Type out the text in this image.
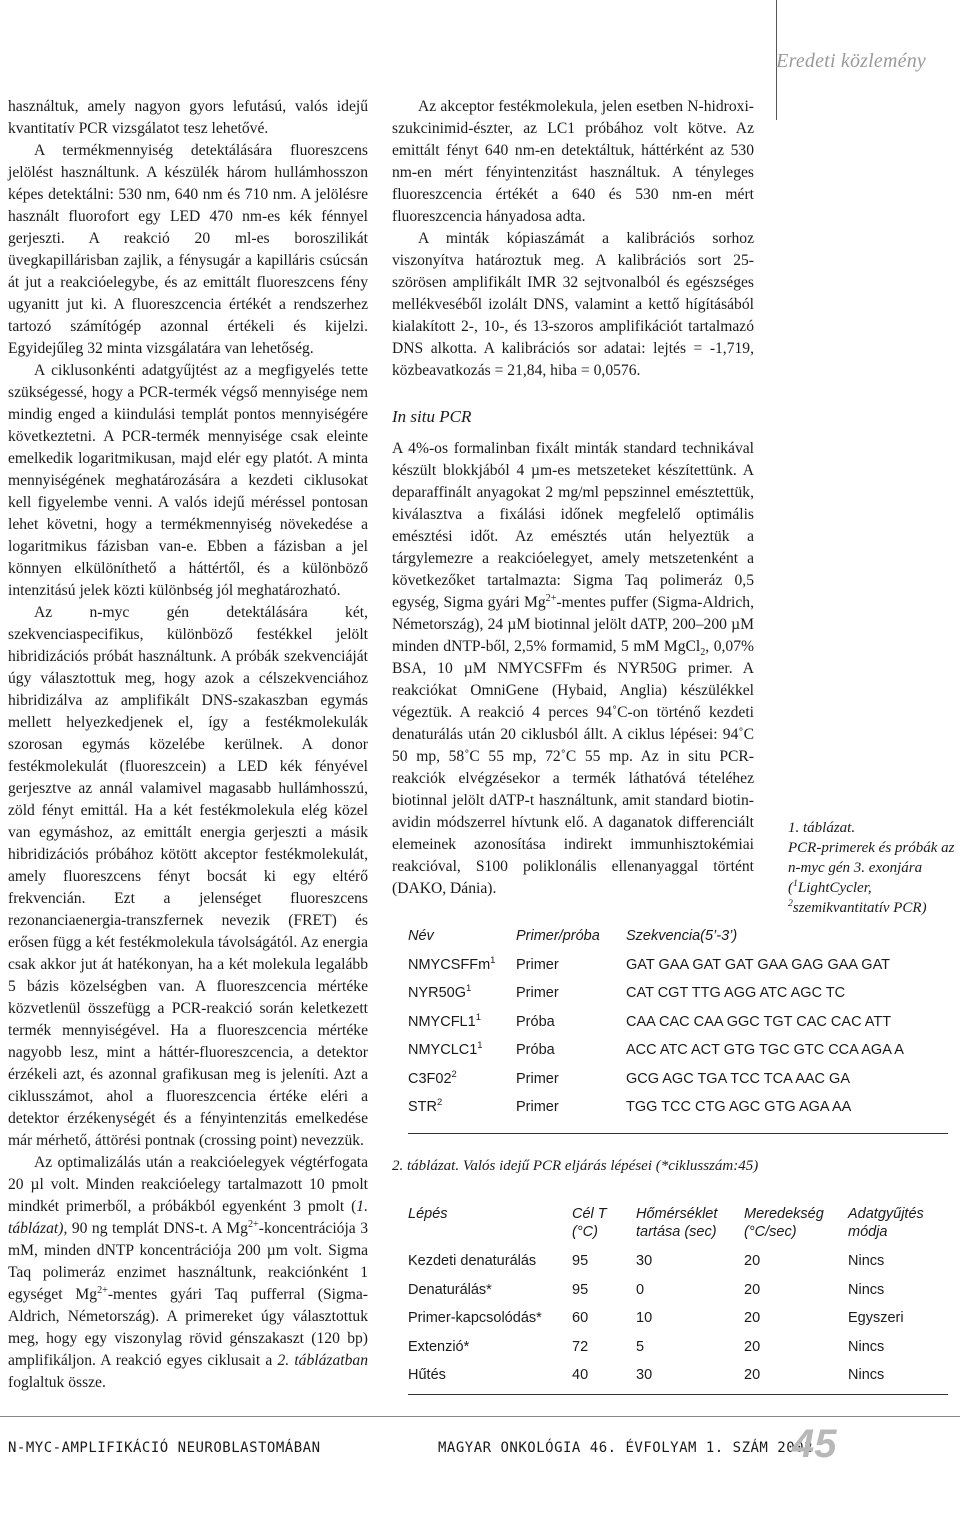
Eredeti közlemény

használtuk, amely nagyon gyors lefutású, valós idejű kvantitatív PCR vizsgálatot tesz lehetővé.

A termékmennyiség detektálására fluoreszcens jelölést használtunk. A készülék három hullámhosszon képes detektálni: 530 nm, 640 nm és 710 nm. A jelölésre használt fluorofort egy LED 470 nm-es kék fénnyel gerjeszti. A reakció 20 ml-es boroszilikát üvegkapillárisban zajlik, a fénysugár a kapilláris csúcsán át jut a reakcióelegybe, és az emittált fluoreszcens fény ugyanitt jut ki. A fluoreszcencia értékét a rendszerhez tartozó számítógép azonnal értékeli és kijelzi. Egyidejűleg 32 minta vizsgálatára van lehetőség.

A ciklusonkénti adatgyűjtést az a megfigyelés tette szükségessé, hogy a PCR-termék végső mennyisége nem mindig enged a kiindulási templát pontos mennyiségére következtetni. A PCR-termék mennyisége csak eleinte emelkedik logaritmikusan, majd elér egy platót. A minta mennyiségének meghatározására a kezdeti ciklusokat kell figyelembe venni. A valós idejű méréssel pontosan lehet követni, hogy a termékmennyiség növekedése a logaritmikus fázisban van-e. Ebben a fázisban a jel könnyen elkülöníthető a háttértől, és a különböző intenzitású jelek közti különbség jól meghatározható.

Az n-myc gén detektálására két, szekvenciaspecifikus, különböző festékkel jelölt hibridizációs próbát használtunk. A próbák szekvenciáját úgy választottuk meg, hogy azok a célszekvenciához hibridizálva az amplifikált DNS-szakaszban egymás mellett helyezkedjenek el, így a festékmolekulák szorosan egymás közelébe kerülnek. A donor festékmolekulát (fluoreszcein) a LED kék fényével gerjesztve az annál valamivel magasabb hullámhosszú, zöld fényt emittál. Ha a két festékmolekula elég közel van egymáshoz, az emittált energia gerjeszti a másik hibridizációs próbához kötött akceptor festékmolekulát, amely fluoreszcens fényt bocsát ki egy eltérő frekvencián. Ezt a jelenséget fluoreszcens rezonanciaenergia-transzfernek nevezik (FRET) és erősen függ a két festékmolekula távolságától. Az energia csak akkor jut át hatékonyan, ha a két molekula legalább 5 bázis közelségben van. A fluoreszcencia mértéke közvetlenül összefügg a PCR-reakció során keletkezett termék mennyiségével. Ha a fluoreszcencia mértéke nagyobb lesz, mint a háttér-fluoreszcencia, a detektor érzékeli azt, és azonnal grafikusan meg is jeleníti. Azt a ciklusszámot, ahol a fluoreszcencia értéke eléri a detektor érzékenységét és a fényintenzitás emelkedése már mérhető, áttörési pontnak (crossing point) nevezzük.

Az optimalizálás után a reakcióelegyek végtérfogata 20 µl volt. Minden reakcióelegy tartalmazott 10 pmolt mindkét primerből, a próbákból egyenként 3 pmolt (1. táblázat), 90 ng templát DNS-t. A $Mg^{2+}$-koncentrációja 3 mM, minden dNTP koncentrációja 200 µm volt. Sigma Taq polimeráz enzimet használtunk, reakciónként 1 egységet $Mg^{2+}$-mentes gyári Taq pufferral (Sigma-Aldrich, Németország). A primereket úgy választottuk meg, hogy egy viszonylag rövid génszakaszt (120 bp) amplifikáljon. A reakció egyes ciklusait a 2. táblázatban foglaltuk össze.

Az akceptor festékmolekula, jelen esetben N-hidroxi-szukcinimid-észter, az LC1 próbához volt kötve. Az emittált fényt 640 nm-en detektáltuk, háttérként az 530 nm-en mért fényintenzitást használtuk. A tényleges fluoreszcencia értékét a 640 és 530 nm-en mért fluoreszcencia hányadosa adta.

A minták kópiaszámát a kalibrációs sorhoz viszonyítva határoztuk meg. A kalibrációs sort 25-szörösen amplifikált IMR 32 sejtvonalból és egészséges mellékveséből izolált DNS, valamint a kettő hígításából kialakított 2-, 10-, és 13-szoros amplifikációt tartalmazó DNS alkotta. A kalibrációs sor adatai: lejtés = -1,719, közbeavatkozás = 21,84, hiba = 0,0576.

In situ PCR

A 4%-os formalinban fixált minták standard technikával készült blokkjából 4 µm-es metszeteket készítettünk. A deparaffinált anyagokat 2 mg/ml pepszinnel emésztettük, kiválasztva a fixálási időnek megfelelő optimális emésztési időt. Az emésztés után helyeztük a tárgylemezre a reakcióelegyet, amely metszetenként a következőket tartalmazta: Sigma Taq polimeráz 0,5 egység, Sigma gyári $Mg^{2+}$-mentes puffer (Sigma-Aldrich, Németország), 24 µM biotinnal jelölt dATP, 200–200 µM minden dNTP-ből, 2,5% formamid, 5 mM MgCl$_2$, 0,07% BSA, 10 µM NMYCSFFm és NYR50G primer. A reakciókat OmniGene (Hybaid, Anglia) készülékkel végeztük. A reakció 4 perces 94˚C-on történő kezdeti denaturálás után 20 ciklusból állt. A ciklus lépései: 94˚C 50 mp, 58˚C 55 mp, 72˚C 55 mp. Az in situ PCR-reakciók elvégzésekor a termék láthatóvá tételéhez biotinnal jelölt dATP-t használtunk, amit standard biotin-avidin módszerrel hívtunk elő. A daganatok differenciált elemeinek azonosítása indirekt immunhisztokémiai reakcióval, S100 poliklonális ellenanyaggal történt (DAKO, Dánia).

1. táblázat.
PCR-primerek és próbák az n-myc gén 3. exonjára ($^1$LightCycler, $^2$szemikvantitatív PCR)
Név	Primer/próba	Szekvencia(5’-3’)
NMYCSFFm$^1$	Primer	GAT GAA GAT GAT GAA GAG GAA GAT
$NYR50G^1$	Primer	CAT CGT TTG AGG ATC AGC TC
$NMYCFL1^1$	Próba	CAA CAC CAA GGC TGT CAC CAC ATT
$NMYCLC1^1$	Próba	ACC ATC ACT GTG TGC GTC CCA AGA A
$C3F02^2$	Primer	GCG AGC TGA TCC TCA AAC GA
STR$^2$	Primer	TGG TCC CTG AGC GTG AGA AA
2. táblázat. Valós idejű PCR eljárás lépései (*ciklusszám:45)
Lépés	Cél T (°C)	Hőmérséklet tartása (sec)	Meredekség (°C/sec)	Adatgyűjtés módja
Kezdeti denaturálás	95	30	20	Nincs
Denaturálás*	95	0	20	Nincs
Primer-kapcsolódás*	60	10	20	Egyszeri
Extenzió*	72	5	20	Nincs
Hűtés	40	30	20	Nincs
N-MYC-AMPLIFIKÁCIÓ NEUROBLASTOMÁBAN	MAGYAR ONKOLÓGIA 46. ÉVFOLYAM 1. SZÁM 2002
45
